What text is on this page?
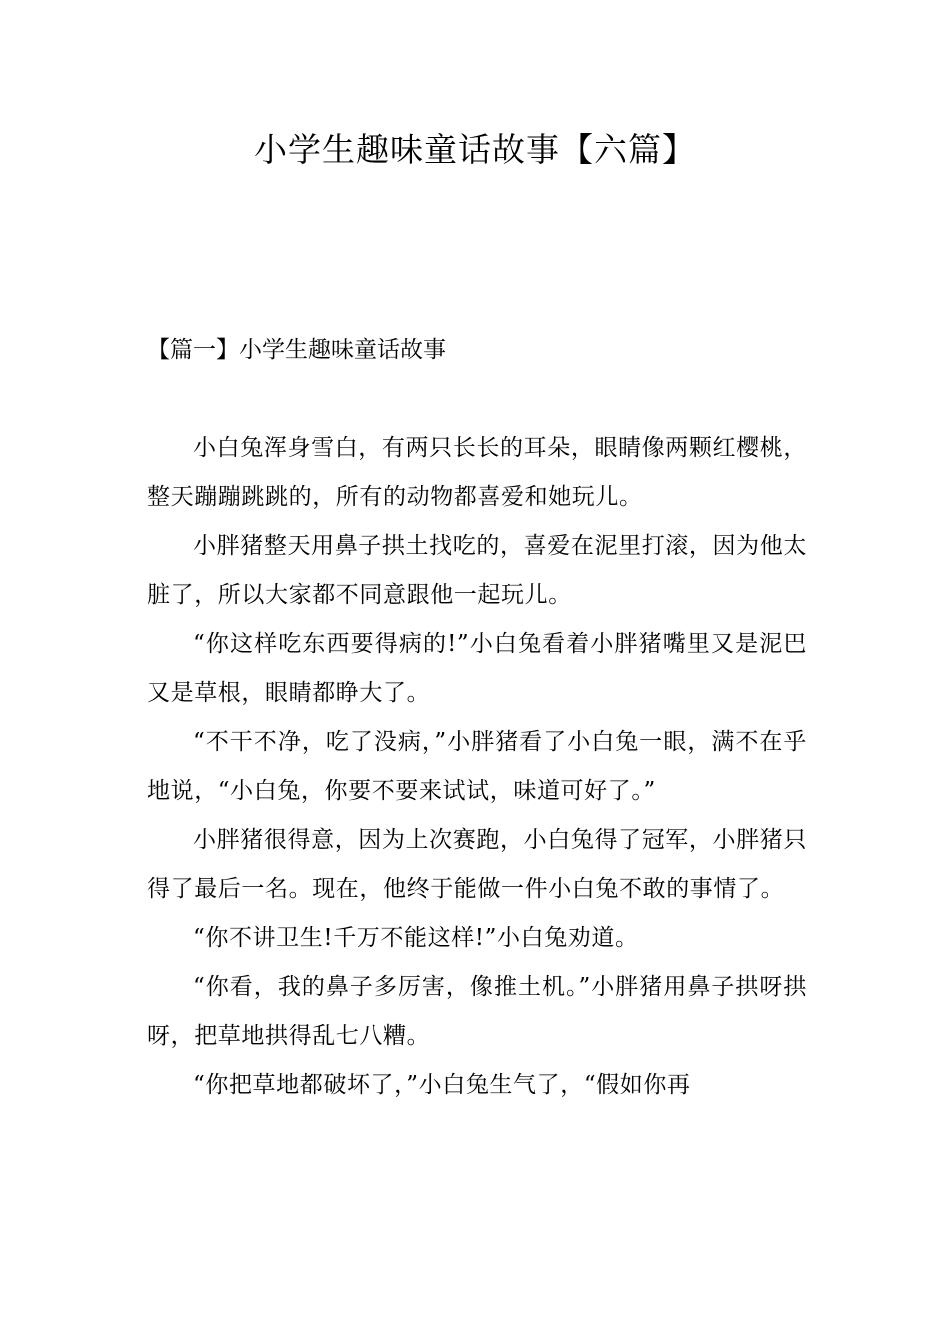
小学生趣味童话故事【六篇】
【篇一】小学生趣味童话故事

小白兔浑身雪白，有两只长长的耳朵，眼睛像两颗红樱桃，整天蹦蹦跳跳的，所有的动物都喜爱和她玩儿。

小胖猪整天用鼻子拱土找吃的，喜爱在泥里打滚，因为他太脏了，所以大家都不同意跟他一起玩儿。

“你这样吃东西要得病的!”小白兔看着小胖猪嘴里又是泥巴又是草根，眼睛都睁大了。

“不干不净，吃了没病，”小胖猪看了小白兔一眼，满不在乎地说，“小白兔，你要不要来试试，味道可好了。”

小胖猪很得意，因为上次赛跑，小白兔得了冠军，小胖猪只得了最后一名。现在，他终于能做一件小白兔不敢的事情了。

“你不讲卫生!千万不能这样!”小白兔劝道。

“你看，我的鼻子多厉害，像推土机。”小胖猪用鼻子拱呀拱呀，把草地拱得乱七八糟。

“你把草地都破坏了，”小白兔生气了，“假如你再
